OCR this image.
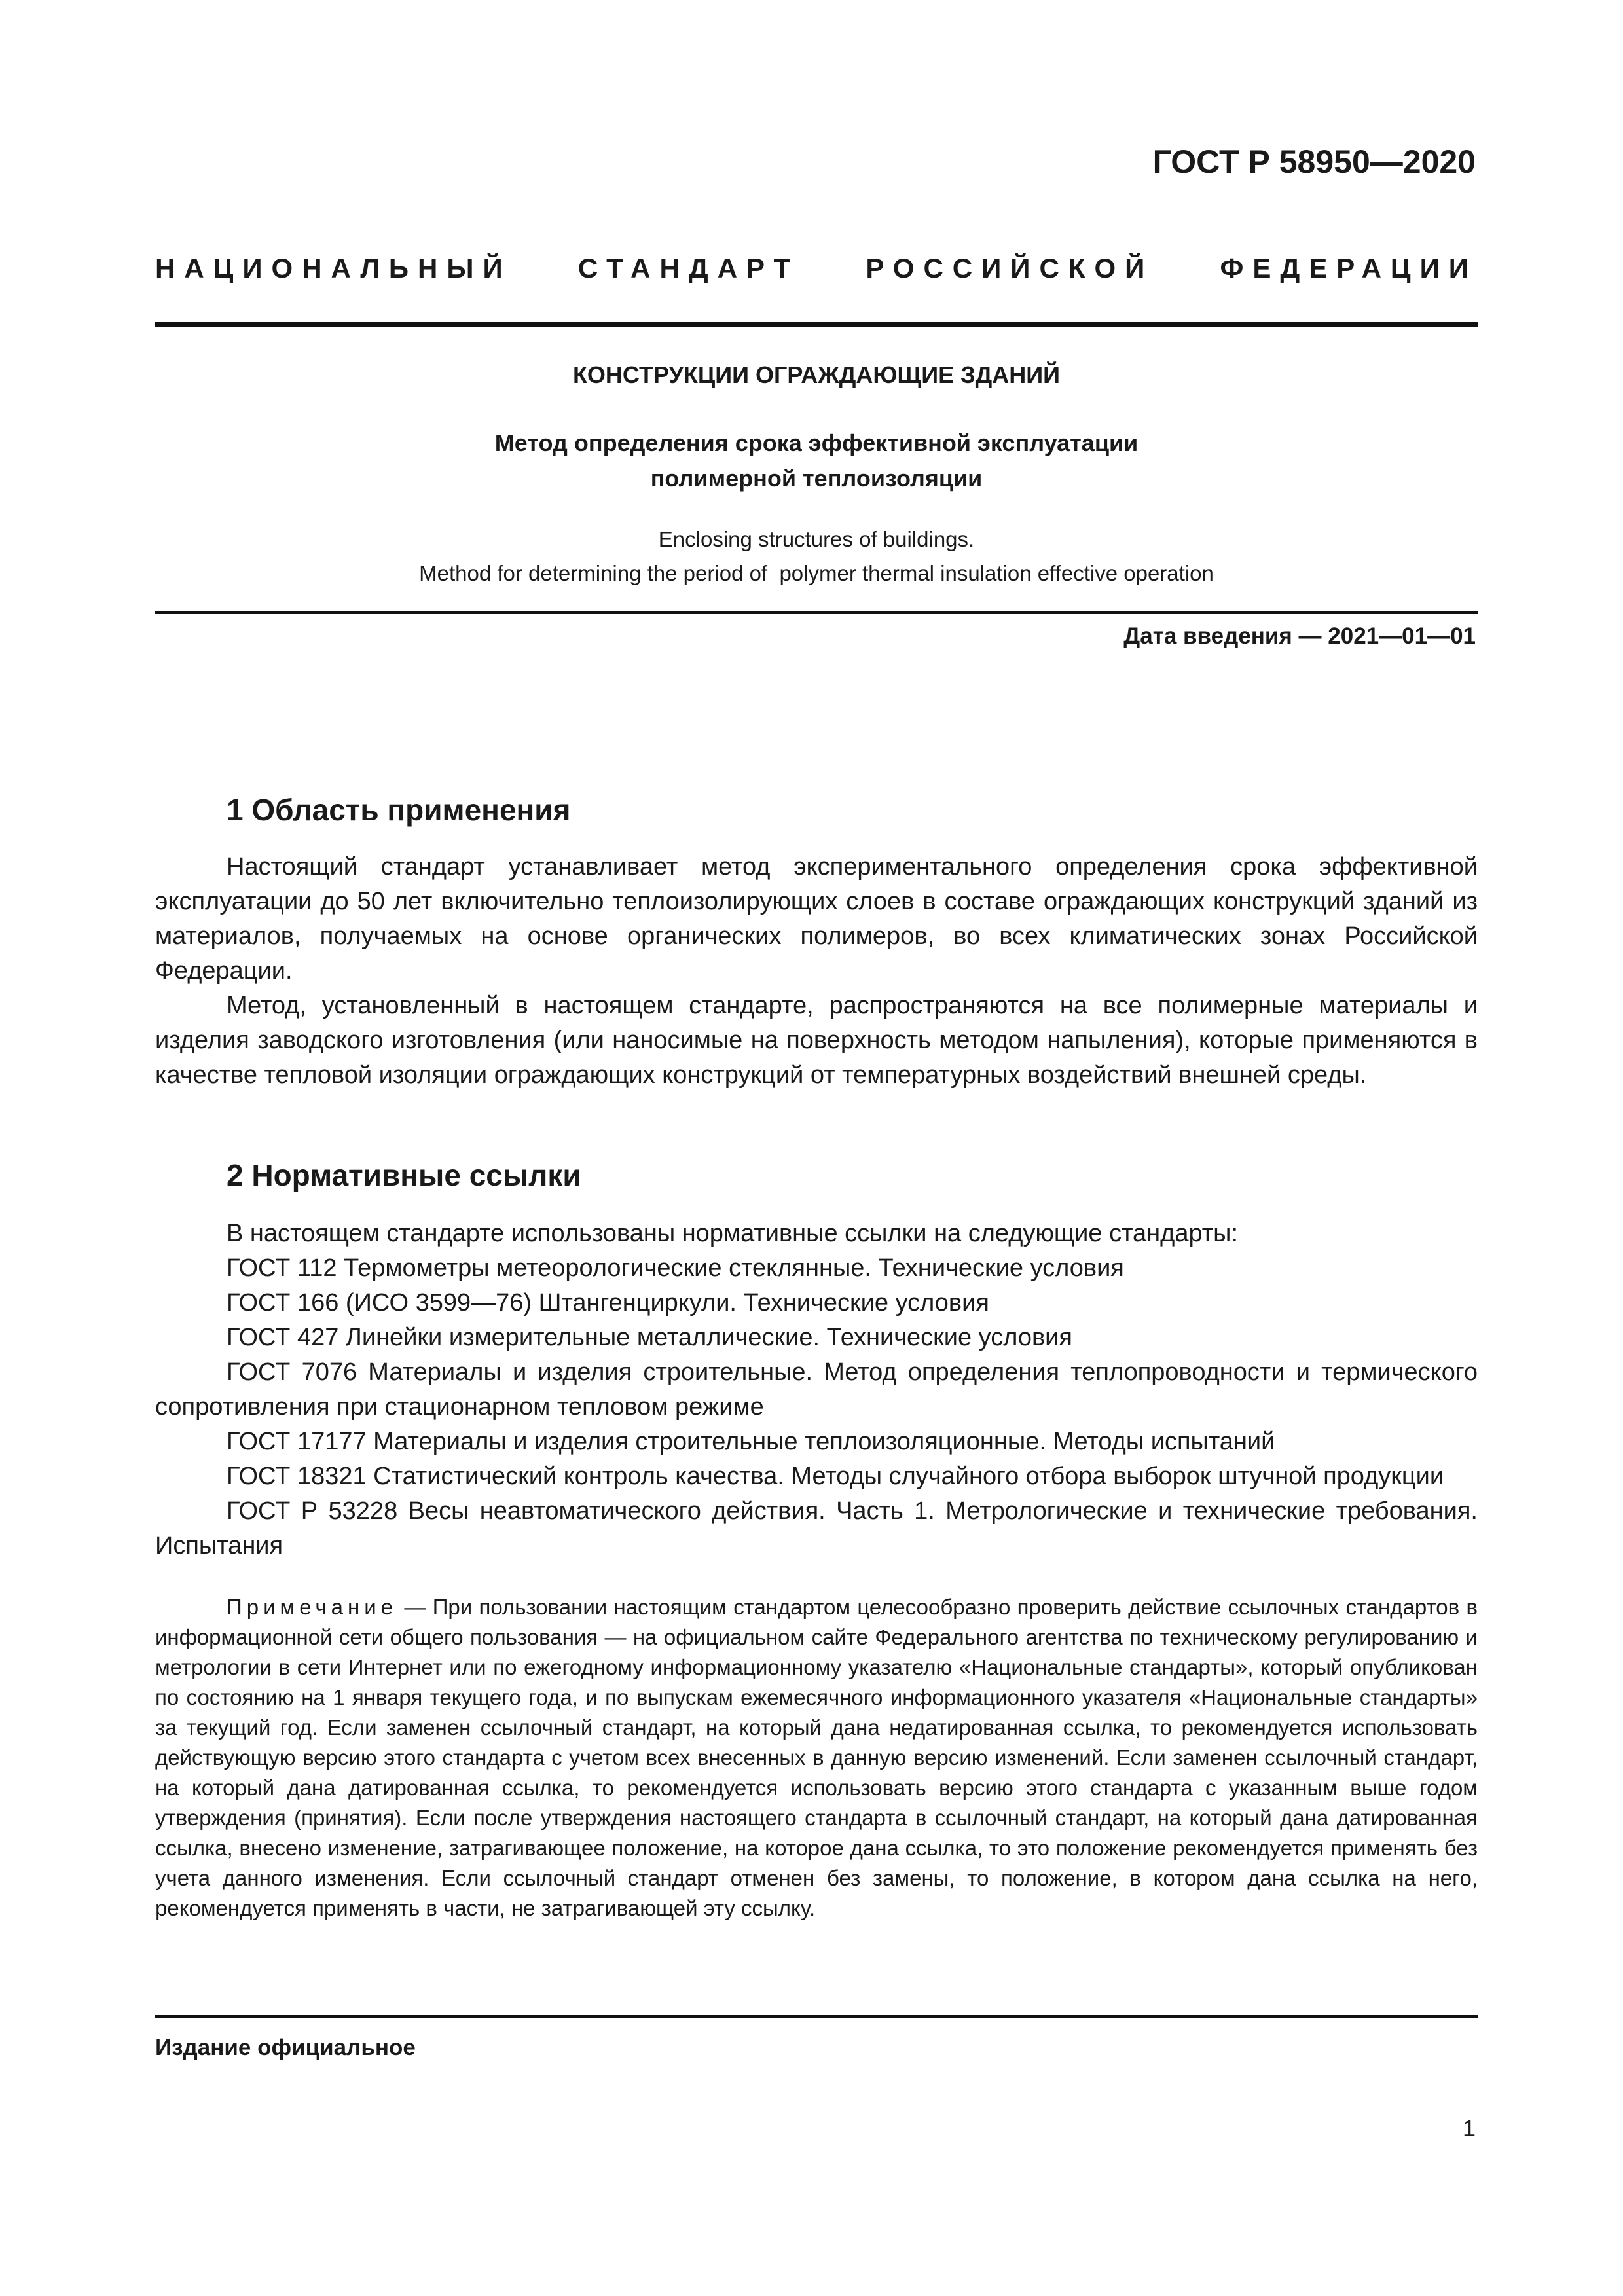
ГОСТ Р 58950—2020
НАЦИОНАЛЬНЫЙ СТАНДАРТ РОССИЙСКОЙ ФЕДЕРАЦИИ
КОНСТРУКЦИИ ОГРАЖДАЮЩИЕ ЗДАНИЙ
Метод определения срока эффективной эксплуатации
полимерной теплоизоляции
Enclosing structures of buildings.
Method for determining the period of  polymer thermal insulation effective operation
Дата введения — 2021—01—01
1 Область применения

Настоящий стандарт устанавливает метод экспериментального определения срока эффективной эксплуатации до 50 лет включительно теплоизолирующих слоев в составе ограждающих конструкций зданий из материалов, получаемых на основе органических полимеров, во всех климатических зонах Российской Федерации.

Метод, установленный в настоящем стандарте, распространяются на все полимерные материалы и изделия заводского изготовления (или наносимые на поверхность методом напыления), которые применяются в качестве тепловой изоляции ограждающих конструкций от температурных воздействий внешней среды.

2 Нормативные ссылки

В настоящем стандарте использованы нормативные ссылки на следующие стандарты:

ГОСТ 112 Термометры метеорологические стеклянные. Технические условия

ГОСТ 166 (ИСО 3599—76) Штангенциркули. Технические условия

ГОСТ 427 Линейки измерительные металлические. Технические условия

ГОСТ 7076 Материалы и изделия строительные. Метод определения теплопроводности и термического сопротивления при стационарном тепловом режиме

ГОСТ 17177 Материалы и изделия строительные теплоизоляционные. Методы испытаний

ГОСТ 18321 Статистический контроль качества. Методы случайного отбора выборок штучной продукции

ГОСТ Р 53228 Весы неавтоматического действия. Часть 1. Метрологические и технические требования. Испытания

Примечание — При пользовании настоящим стандартом целесообразно проверить действие ссылочных стандартов в информационной сети общего пользования — на официальном сайте Федерального агентства по техническому регулированию и метрологии в сети Интернет или по ежегодному информационному указателю «Национальные стандарты», который опубликован по состоянию на 1 января текущего года, и по выпускам ежемесячного информационного указателя «Национальные стандарты» за текущий год. Если заменен ссылочный стандарт, на который дана недатированная ссылка, то рекомендуется использовать действующую версию этого стандарта с учетом всех внесенных в данную версию изменений. Если заменен ссылочный стандарт, на который дана датированная ссылка, то рекомендуется использовать версию этого стандарта с указанным выше годом утверждения (принятия). Если после утверждения настоящего стандарта в ссылочный стандарт, на который дана датированная ссылка, внесено изменение, затрагивающее положение, на которое дана ссылка, то это положение рекомендуется применять без учета данного изменения. Если ссылочный стандарт отменен без замены, то положение, в котором дана ссылка на него, рекомендуется применять в части, не затрагивающей эту ссылку.

Издание официальное
1
